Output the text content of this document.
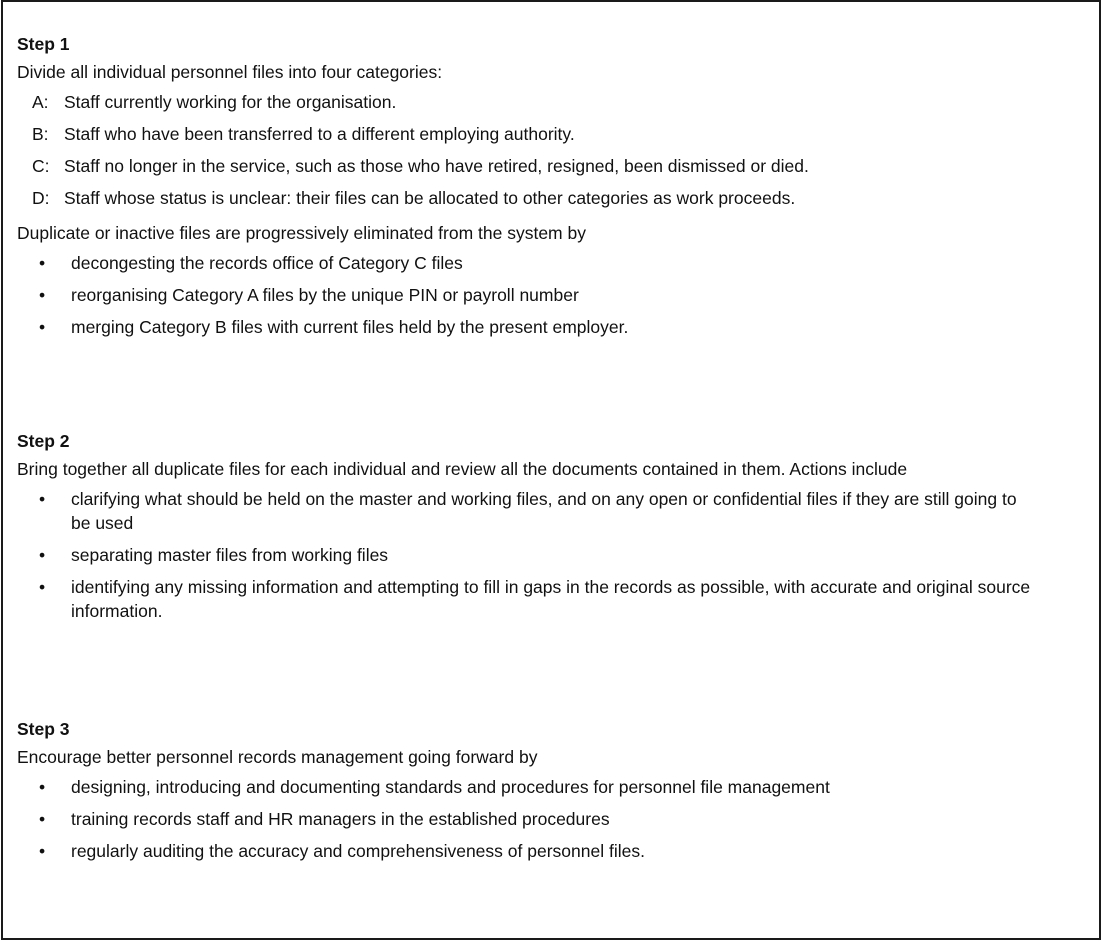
Step 1
Divide all individual personnel files into four categories:
A: Staff currently working for the organisation.
B: Staff who have been transferred to a different employing authority.
C: Staff no longer in the service, such as those who have retired, resigned, been dismissed or died.
D: Staff whose status is unclear: their files can be allocated to other categories as work proceeds.
Duplicate or inactive files are progressively eliminated from the system by
• decongesting the records office of Category C files
• reorganising Category A files by the unique PIN or payroll number
• merging Category B files with current files held by the present employer.
Step 2
Bring together all duplicate files for each individual and review all the documents contained in them. Actions include
• clarifying what should be held on the master and working files, and on any open or confidential files if they are still going to be used
• separating master files from working files
• identifying any missing information and attempting to fill in gaps in the records as possible, with accurate and original source information.
Step 3
Encourage better personnel records management going forward by
• designing, introducing and documenting standards and procedures for personnel file management
• training records staff and HR managers in the established procedures
• regularly auditing the accuracy and comprehensiveness of personnel files.
